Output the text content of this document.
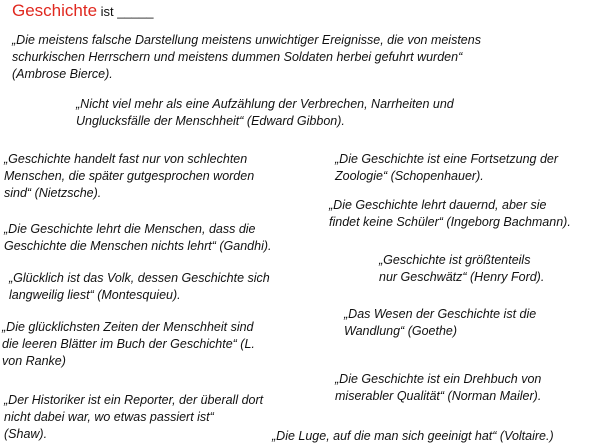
Geschichte ist _____
„Die meistens falsche Darstellung meistens unwichtiger Ereignisse, die von meistens
schurkischen Herrschern und meistens dummen Soldaten herbei gefuhrt wurden“
(Ambrose Bierce).
„Nicht viel mehr als eine Aufzählung der Verbrechen, Narrheiten und
Unglucksfälle der Menschheit“ (Edward Gibbon).
„Geschichte handelt fast nur von schlechten
Menschen, die später gutgesprochen worden
sind“ (Nietzsche).
„Die Geschichte ist eine Fortsetzung der
Zoologie“ (Schopenhauer).
„Die Geschichte lehrt dauernd, aber sie
findet keine Schüler“ (Ingeborg Bachmann).
„Die Geschichte lehrt die Menschen, dass die
Geschichte die Menschen nichts lehrt“ (Gandhi).
„Geschichte ist größtenteils
nur Geschwätz“ (Henry Ford).
„Glücklich ist das Volk, dessen Geschichte sich
langweilig liest“ (Montesquieu).
„Das Wesen der Geschichte ist die
Wandlung“ (Goethe)
„Die glücklichsten Zeiten der Menschheit sind
die leeren Blätter im Buch der Geschichte“ (L.
von Ranke)
„Die Geschichte ist ein Drehbuch von
miserabler Qualität“ (Norman Mailer).
„Der Historiker ist ein Reporter, der überall dort
nicht dabei war, wo etwas passiert ist“
(Shaw).	„Die Luge, auf die man sich geeinigt hat“ (Voltaire.)
